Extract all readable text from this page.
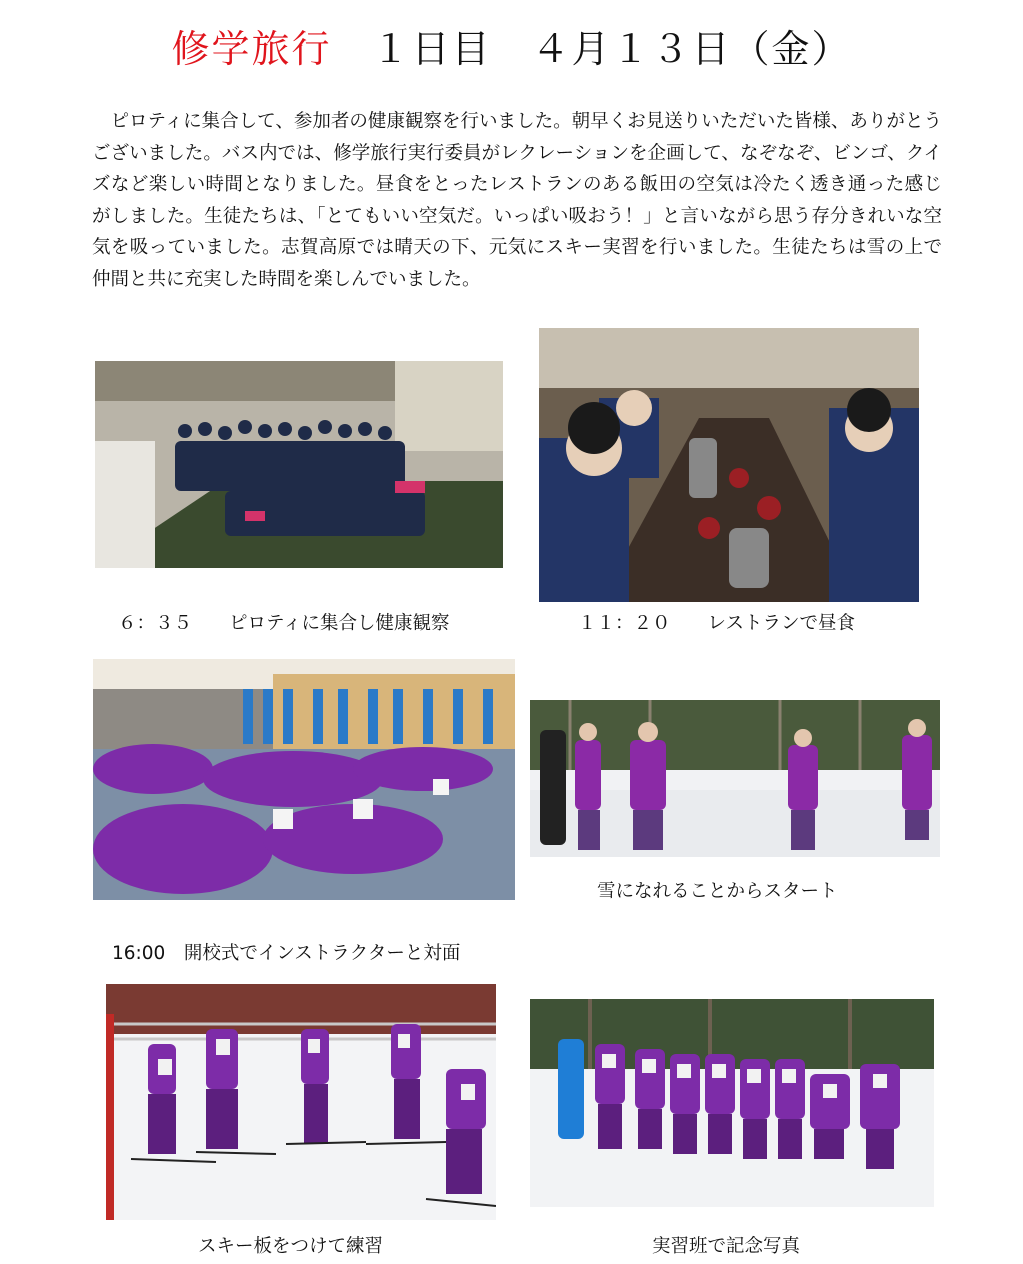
修学旅行　１日目　４月１３日（金）
ピロティに集合して、参加者の健康観察を行いました。朝早くお見送りいただいた皆様、ありがとうございました。バス内では、修学旅行実行委員がレクレーションを企画して、なぞなぞ、ビンゴ、クイズなど楽しい時間となりました。昼食をとったレストランのある飯田の空気は冷たく透き通った感じがしました。生徒たちは、「とてもいい空気だ。いっぱい吸おう！」と言いながら思う存分きれいな空気を吸っていました。志賀高原では晴天の下、元気にスキー実習を行いました。生徒たちは雪の上で仲間と共に充実した時間を楽しんでいました。
６：３５　　ピロティに集合し健康観察	１１：２０　　レストランで昼食
雪になれることからスタート
16:00　開校式でインストラクターと対面
スキー板をつけて練習	実習班で記念写真
